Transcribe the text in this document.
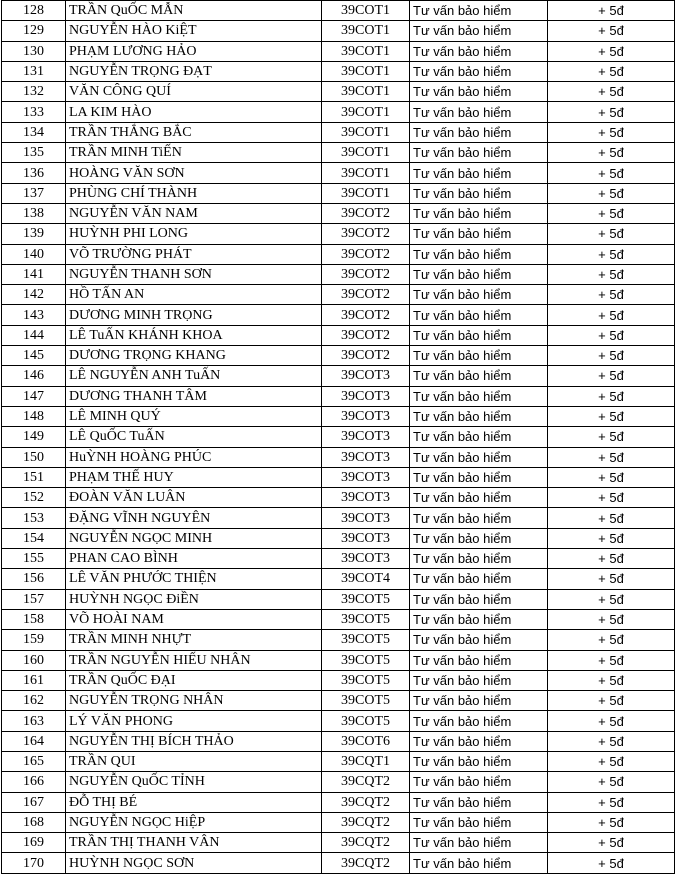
128	TRẦN QuỐC MẪN	39COT1	Tư vấn bảo hiểm	+ 5đ
129	NGUYỄN HÀO KiỆT	39COT1	Tư vấn bảo hiểm	+ 5đ
130	PHẠM LƯƠNG HẢO	39COT1	Tư vấn bảo hiểm	+ 5đ
131	NGUYỄN TRỌNG ĐẠT	39COT1	Tư vấn bảo hiểm	+ 5đ
132	VĂN CÔNG QUÍ	39COT1	Tư vấn bảo hiểm	+ 5đ
133	LA KIM HÀO	39COT1	Tư vấn bảo hiểm	+ 5đ
134	TRẦN THẮNG BẮC	39COT1	Tư vấn bảo hiểm	+ 5đ
135	TRẦN MINH TiẾN	39COT1	Tư vấn bảo hiểm	+ 5đ
136	HOÀNG VĂN SƠN	39COT1	Tư vấn bảo hiểm	+ 5đ
137	PHÙNG CHÍ THÀNH	39COT1	Tư vấn bảo hiểm	+ 5đ
138	NGUYỄN VĂN NAM	39COT2	Tư vấn bảo hiểm	+ 5đ
139	HUỲNH PHI LONG	39COT2	Tư vấn bảo hiểm	+ 5đ
140	VÕ TRƯỜNG PHÁT	39COT2	Tư vấn bảo hiểm	+ 5đ
141	NGUYỄN THANH SƠN	39COT2	Tư vấn bảo hiểm	+ 5đ
142	HỒ TẤN AN	39COT2	Tư vấn bảo hiểm	+ 5đ
143	DƯƠNG MINH TRỌNG	39COT2	Tư vấn bảo hiểm	+ 5đ
144	LÊ TuẤN KHÁNH KHOA	39COT2	Tư vấn bảo hiểm	+ 5đ
145	DƯƠNG TRỌNG KHANG	39COT2	Tư vấn bảo hiểm	+ 5đ
146	LÊ NGUYỄN ANH TuẤN	39COT3	Tư vấn bảo hiểm	+ 5đ
147	DƯƠNG THANH TÂM	39COT3	Tư vấn bảo hiểm	+ 5đ
148	LÊ MINH QUÝ	39COT3	Tư vấn bảo hiểm	+ 5đ
149	LÊ QuỐC TuẤN	39COT3	Tư vấn bảo hiểm	+ 5đ
150	HuỲNH HOÀNG PHÚC	39COT3	Tư vấn bảo hiểm	+ 5đ
151	PHẠM THẾ HUY	39COT3	Tư vấn bảo hiểm	+ 5đ
152	ĐOÀN VĂN LUÂN	39COT3	Tư vấn bảo hiểm	+ 5đ
153	ĐẶNG VĨNH NGUYÊN	39COT3	Tư vấn bảo hiểm	+ 5đ
154	NGUYỄN NGỌC MINH	39COT3	Tư vấn bảo hiểm	+ 5đ
155	PHAN CAO BÌNH	39COT3	Tư vấn bảo hiểm	+ 5đ
156	LÊ VĂN PHƯỚC THIỆN	39COT4	Tư vấn bảo hiểm	+ 5đ
157	HUỲNH NGỌC ĐiỀN	39COT5	Tư vấn bảo hiểm	+ 5đ
158	VÕ HOÀI NAM	39COT5	Tư vấn bảo hiểm	+ 5đ
159	TRẦN MINH NHỰT	39COT5	Tư vấn bảo hiểm	+ 5đ
160	TRẦN NGUYỄN HIẾU NHÂN	39COT5	Tư vấn bảo hiểm	+ 5đ
161	TRẦN QuỐC ĐẠI	39COT5	Tư vấn bảo hiểm	+ 5đ
162	NGUYỄN TRỌNG NHÂN	39COT5	Tư vấn bảo hiểm	+ 5đ
163	LÝ VĂN PHONG	39COT5	Tư vấn bảo hiểm	+ 5đ
164	NGUYỄN THỊ BÍCH THẢO	39COT6	Tư vấn bảo hiểm	+ 5đ
165	TRẦN QUI	39CQT1	Tư vấn bảo hiểm	+ 5đ
166	NGUYỄN QuỐC TỈNH	39CQT2	Tư vấn bảo hiểm	+ 5đ
167	ĐỖ THỊ BÉ	39CQT2	Tư vấn bảo hiểm	+ 5đ
168	NGUYỄN NGỌC HiỆP	39CQT2	Tư vấn bảo hiểm	+ 5đ
169	TRẦN THỊ THANH VÂN	39CQT2	Tư vấn bảo hiểm	+ 5đ
170	HUỲNH NGỌC SƠN	39CQT2	Tư vấn bảo hiểm	+ 5đ
